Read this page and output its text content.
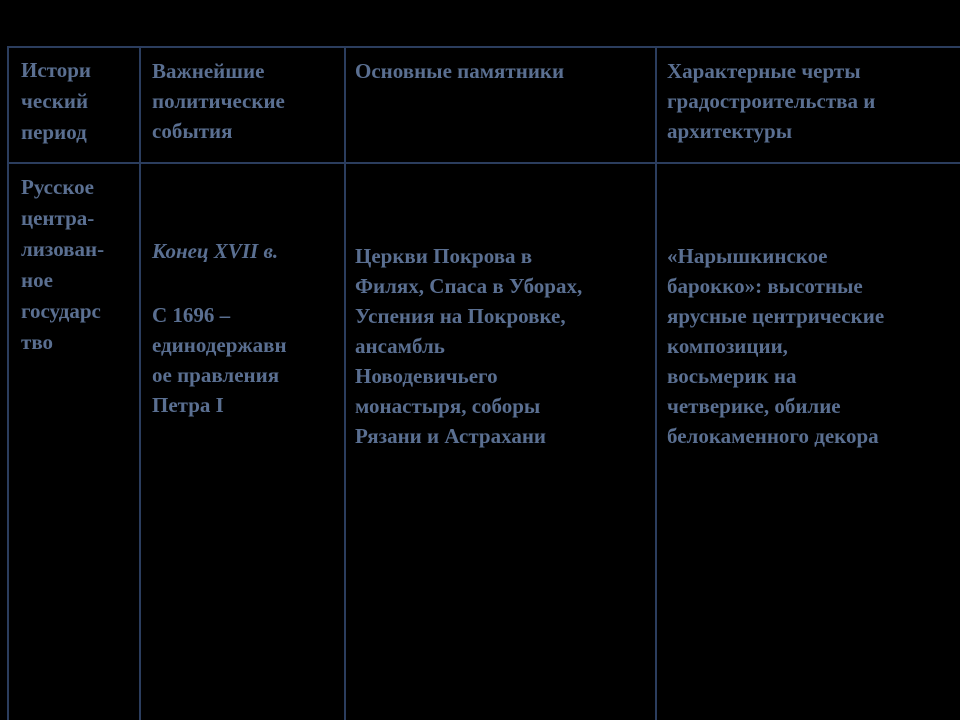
Истори
ческий
период
Важнейшие
политические
события
Основные памятники	Характерные черты
градостроительства и
архитектуры
Русское
центра-
лизован-
ное
государс
тво

Конец XVII в.

С 1696 –
единодержавн
ое правления
Петра I

Церкви Покрова в
Филях, Спаса в Уборах,
Успения на Покровке,
ансамбль
Новодевичьего
монастыря, соборы
Рязани и Астрахани
«Нарышкинское
барокко»: высотные
ярусные центрические
композиции,
восьмерик на
четверике, обилие
белокаменного декора
